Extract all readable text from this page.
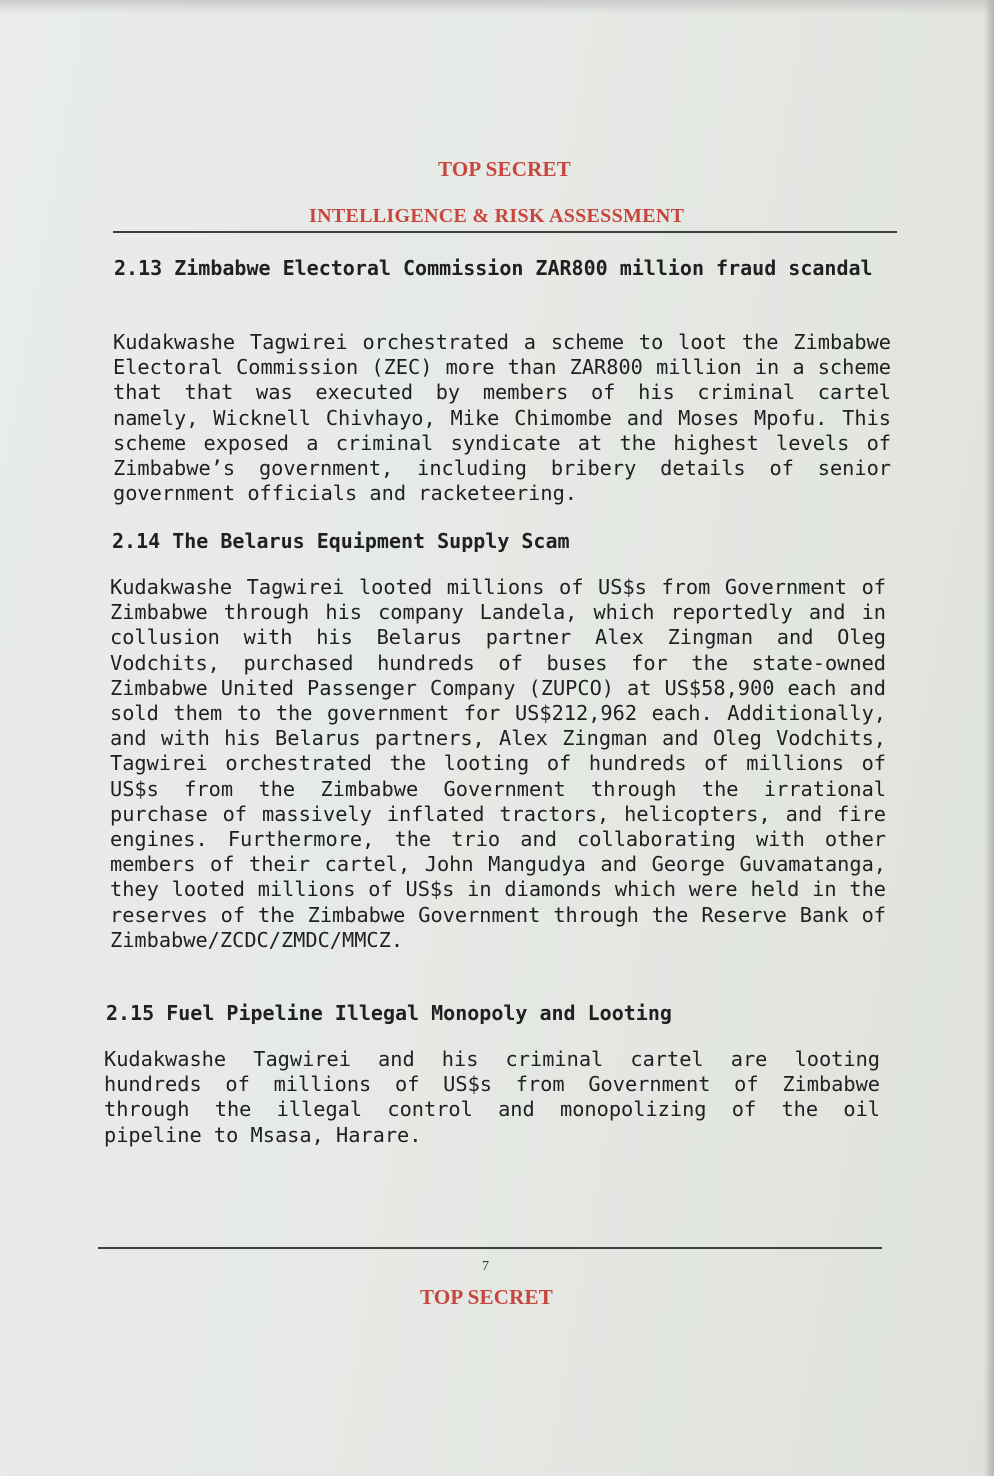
TOP SECRET
INTELLIGENCE & RISK ASSESSMENT
2.13 Zimbabwe Electoral Commission ZAR800 million fraud scandal
Kudakwashe Tagwirei orchestrated a scheme to loot the Zimbabwe Electoral Commission (ZEC) more than ZAR800 million in a scheme that that was executed by members of his criminal cartel namely, Wicknell Chivhayo, Mike Chimombe and Moses Mpofu. This scheme exposed a criminal syndicate at the highest levels of Zimbabwe’s government, including bribery details of senior government officials and racketeering.
2.14 The Belarus Equipment Supply Scam
Kudakwashe Tagwirei looted millions of US$s from Government of Zimbabwe through his company Landela, which reportedly and in collusion with his Belarus partner Alex Zingman and Oleg Vodchits, purchased hundreds of buses for the state-owned Zimbabwe United Passenger Company (ZUPCO) at US$58,900 each and sold them to the government for US$212,962 each. Additionally, and with his Belarus partners, Alex Zingman and Oleg Vodchits, Tagwirei orchestrated the looting of hundreds of millions of US$s from the Zimbabwe Government through the irrational purchase of massively inflated tractors, helicopters, and fire engines. Furthermore, the trio and collaborating with other members of their cartel, John Mangudya and George Guvamatanga, they looted millions of US$s in diamonds which were held in the reserves of the Zimbabwe Government through the Reserve Bank of Zimbabwe/ZCDC/ZMDC/MMCZ.
2.15 Fuel Pipeline Illegal Monopoly and Looting
Kudakwashe Tagwirei and his criminal cartel are looting hundreds of millions of US$s from Government of Zimbabwe through the illegal control and monopolizing of the oil pipeline to Msasa, Harare.
7
TOP SECRET
